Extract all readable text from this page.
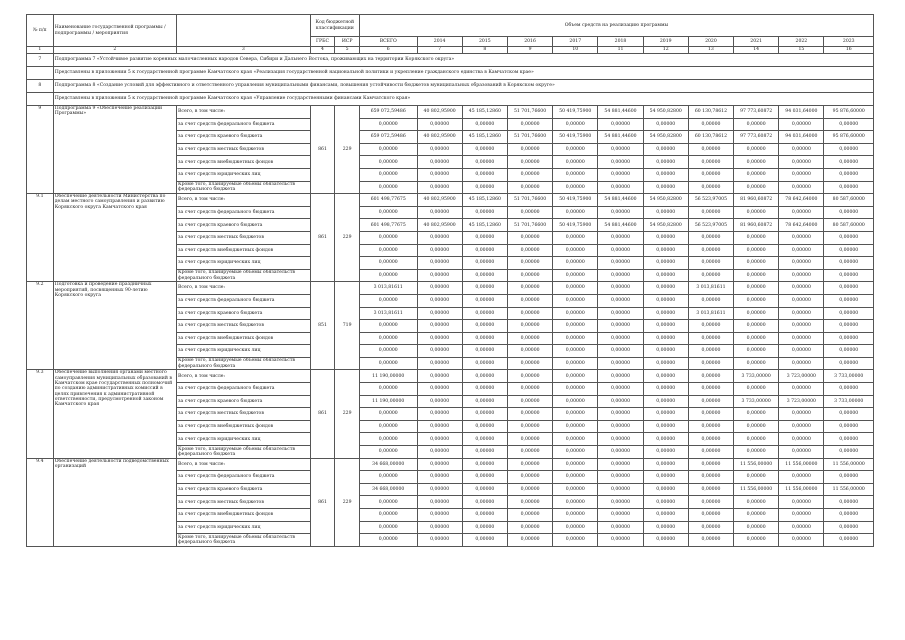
№ п/п	Наименование государственной программы / подпрограммы / мероприятия		Код бюджетной классификации		Объем средств на реализацию программы										
			ГРБС	ИСР	ВСЕГО	2014	2015	2016	2017	2018	2019	2020	2021	2022	2023
1	2	3	4	5	6	7	8	9	10	11	12	13	14	15	16
7	Подпрограмма 7 «Устойчивое развитие коренных малочисленных народов Севера, Сибири и Дальнего Востока, проживающих на территории Корякского округа»														
	Представлены в приложении 5 к государственной программе Камчатского края «Реализация государственной национальной политики и укрепление гражданского единства в Камчатском крае»														
8	Подпрограмма 8 «Создание условий для эффективного и ответственного управления муниципальными финансами, повышения устойчивости бюджетов муниципальных образований в Корякском округе»														
	Представлены в приложении 5 к государственной программе Камчатского края «Управление государственными финансами Камчатского края»														
9	Подпрограмма 9 «Обеспечение реализации Программы»	Всего, в том числе:	861	229	659 072,59486	40 802,95900	45 185,12860	51 701,76600	50 419,75900	54 881,44600	54 950,82800	60 130,78612	97 773,60872	94 031,64000	95 876,60000
		за счет средств федерального бюджета			0,00000	0,00000	0,00000	0,00000	0,00000	0,00000	0,00000	0,00000	0,00000	0,00000	0,00000
		за счет средств краевого бюджета			659 072,59486	40 802,95900	45 185,12860	51 701,76600	50 419,75900	54 881,44600	54 950,82800	60 130,78612	97 773,60872	94 031,64000	95 876,60000
		за счет средств местных бюджетов			0,00000	0,00000	0,00000	0,00000	0,00000	0,00000	0,00000	0,00000	0,00000	0,00000	0,00000
		за счет средств внебюджетных фондов			0,00000	0,00000	0,00000	0,00000	0,00000	0,00000	0,00000	0,00000	0,00000	0,00000	0,00000
		за счет средств юридических лиц			0,00000	0,00000	0,00000	0,00000	0,00000	0,00000	0,00000	0,00000	0,00000	0,00000	0,00000
		Кроме того, планируемые объемы обязательств федерального бюджета			0,00000	0,00000	0,00000	0,00000	0,00000	0,00000	0,00000	0,00000	0,00000	0,00000	0,00000
9.1	Обеспечение деятельности Министерства по делам местного самоуправления и развитию Корякского округа Камчатского края	Всего, в том числе:	861	229	601 498,77675	40 802,95900	45 185,12860	51 701,76600	50 419,75900	54 881,44600	54 950,82800	56 523,97005	81 960,60872	78 642,64000	80 587,60000
		за счет средств федерального бюджета			0,00000	0,00000	0,00000	0,00000	0,00000	0,00000	0,00000	0,00000	0,00000	0,00000	0,00000
		за счет средств краевого бюджета			601 498,77675	40 802,95900	45 185,12860	51 701,76600	50 419,75900	54 881,44600	54 950,82800	56 523,97005	81 960,60872	78 642,64000	80 587,60000
		за счет средств местных бюджетов			0,00000	0,00000	0,00000	0,00000	0,00000	0,00000	0,00000	0,00000	0,00000	0,00000	0,00000
		за счет средств внебюджетных фондов			0,00000	0,00000	0,00000	0,00000	0,00000	0,00000	0,00000	0,00000	0,00000	0,00000	0,00000
		за счет средств юридических лиц			0,00000	0,00000	0,00000	0,00000	0,00000	0,00000	0,00000	0,00000	0,00000	0,00000	0,00000
		Кроме того, планируемые объемы обязательств федерального бюджета			0,00000	0,00000	0,00000	0,00000	0,00000	0,00000	0,00000	0,00000	0,00000	0,00000	0,00000
9.2	Подготовка и проведение праздничных мероприятий, посвященных 90-летию Корякского округа	Всего, в том числе:	851	719	3 013,81611	0,00000	0,00000	0,00000	0,00000	0,00000	0,00000	3 013,81611	0,00000	0,00000	0,00000
		за счет средств федерального бюджета			0,00000	0,00000	0,00000	0,00000	0,00000	0,00000	0,00000	0,00000	0,00000	0,00000	0,00000
		за счет средств краевого бюджета			3 013,81611	0,00000	0,00000	0,00000	0,00000	0,00000	0,00000	3 013,81611	0,00000	0,00000	0,00000
		за счет средств местных бюджетов			0,00000	0,00000	0,00000	0,00000	0,00000	0,00000	0,00000	0,00000	0,00000	0,00000	0,00000
		за счет средств внебюджетных фондов			0,00000	0,00000	0,00000	0,00000	0,00000	0,00000	0,00000	0,00000	0,00000	0,00000	0,00000
		за счет средств юридических лиц			0,00000	0,00000	0,00000	0,00000	0,00000	0,00000	0,00000	0,00000	0,00000	0,00000	0,00000
		Кроме того, планируемые объемы обязательств федерального бюджета			0,00000	0,00000	0,00000	0,00000	0,00000	0,00000	0,00000	0,00000	0,00000	0,00000	0,00000
9.3	Обеспечение выполнения органами местного самоуправления муниципальных образований в Камчатском крае государственных полномочий по созданию административных комиссий в целях привлечения к административной ответственности, предусмотренной законом Камчатского края	Всего, в том числе:	861	229	11 190,00000	0,00000	0,00000	0,00000	0,00000	0,00000	0,00000	0,00000	3 733,00000	3 723,00000	3 733,00000
		за счет средств федерального бюджета			0,00000	0,00000	0,00000	0,00000	0,00000	0,00000	0,00000	0,00000	0,00000	0,00000	0,00000
		за счет средств краевого бюджета			11 190,00000	0,00000	0,00000	0,00000	0,00000	0,00000	0,00000	0,00000	3 733,00000	3 723,00000	3 733,00000
		за счет средств местных бюджетов			0,00000	0,00000	0,00000	0,00000	0,00000	0,00000	0,00000	0,00000	0,00000	0,00000	0,00000
		за счет средств внебюджетных фондов			0,00000	0,00000	0,00000	0,00000	0,00000	0,00000	0,00000	0,00000	0,00000	0,00000	0,00000
		за счет средств юридических лиц			0,00000	0,00000	0,00000	0,00000	0,00000	0,00000	0,00000	0,00000	0,00000	0,00000	0,00000
		Кроме того, планируемые объемы обязательств федерального бюджета			0,00000	0,00000	0,00000	0,00000	0,00000	0,00000	0,00000	0,00000	0,00000	0,00000	0,00000
9.4	Обеспечение деятельности подведомственных организаций	Всего, в том числе:	861	229	34 668,00000	0,00000	0,00000	0,00000	0,00000	0,00000	0,00000	0,00000	11 556,00000	11 556,00000	11 556,00000
		за счет средств федерального бюджета			0,00000	0,00000	0,00000	0,00000	0,00000	0,00000	0,00000	0,00000	0,00000	0,00000	0,00000
		за счет средств краевого бюджета			34 668,00000	0,00000	0,00000	0,00000	0,00000	0,00000	0,00000	0,00000	11 556,00000	11 556,00000	11 556,00000
		за счет средств местных бюджетов			0,00000	0,00000	0,00000	0,00000	0,00000	0,00000	0,00000	0,00000	0,00000	0,00000	0,00000
		за счет средств внебюджетных фондов			0,00000	0,00000	0,00000	0,00000	0,00000	0,00000	0,00000	0,00000	0,00000	0,00000	0,00000
		за счет средств юридических лиц			0,00000	0,00000	0,00000	0,00000	0,00000	0,00000	0,00000	0,00000	0,00000	0,00000	0,00000
		Кроме того, планируемые объемы обязательств федерального бюджета			0,00000	0,00000	0,00000	0,00000	0,00000	0,00000	0,00000	0,00000	0,00000	0,00000	0,00000
